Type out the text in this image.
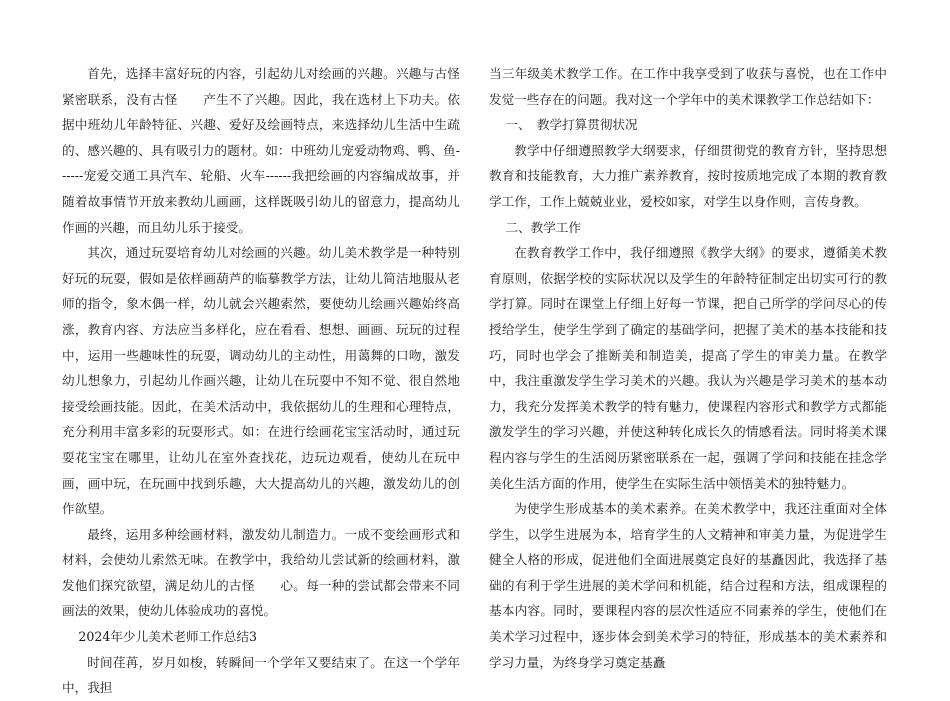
首先，选择丰富好玩的内容，引起幼儿对绘画的兴趣。兴趣与古怪　　紧密联系，没有古怪　　产生不了兴趣。因此，我在选材上下功夫。依据中班幼儿年龄特征、兴趣、爱好及绘画特点，来选择幼儿生活中生疏的、感兴趣的、具有吸引力的题材。如：中班幼儿宠爱动物鸡、鸭、鱼------宠爱交通工具汽车、轮船、火车------我把绘画的内容编成故事，并随着故事情节开放来教幼儿画画，这样既吸引幼儿的留意力，提高幼儿作画的兴趣，而且幼儿乐于接受。

其次，通过玩耍培育幼儿对绘画的兴趣。幼儿美术教学是一种特别　　　好玩的玩耍，假如是依样画葫芦的临摹教学方法，让幼儿简洁地服从老师的指令，象木偶一样，幼儿就会兴趣索然，要使幼儿绘画兴趣始终高涨，教育内容、方法应当多样化，应在看看、想想、画画、玩玩的过程中，运用一些趣味性的玩耍，调动幼儿的主动性，用蔼舞的口吻，激发幼儿想象力，引起幼儿作画兴趣，让幼儿在玩耍中不知不觉、很自然地接受绘画技能。因此，在美术活动中，我依据幼儿的生理和心理特点，充分利用丰富多彩的玩耍形式。如：在进行绘画花宝宝活动时，通过玩耍花宝宝在哪里，让幼儿在室外查找花，边玩边观看，使幼儿在玩中画，画中玩，在玩画中找到乐趣，大大提高幼儿的兴趣，激发幼儿的创作欲望。

最终，运用多种绘画材料，激发幼儿制造力。一成不变绘画形式和材料，会使幼儿索然无味。在教学中，我给幼儿尝试新的绘画材料，激发他们探究欲望，满足幼儿的古怪　　心。每一种的尝试都会带来不同画法的效果，使幼儿体验成功的喜悦。

2024年少儿美术老师工作总结3

时间荏苒，岁月如梭，转瞬间一个学年又要结束了。在这一个学年中，我担

当三年级美术教学工作。在工作中我享受到了收获与喜悦，也在工作中发觉一些存在的问题。我对这一个学年中的美术课教学工作总结如下：

一、　教学打算贯彻状况

教学中仔细遵照教学大纲要求，仔细贯彻党的教育方针，坚持思想教育和技能教育，大力推广素养教育，按时按质地完成了本期的教育教学工作，工作上兢兢业业，爱校如家，对学生以身作则，言传身教。

二、教学工作

在教育教学工作中，我仔细遵照《教学大纲》的要求，遵循美术教育原则，依据学校的实际状况以及学生的年龄特征制定出切实可行的教学打算。同时在课堂上仔细上好每一节课，把自己所学的学问尽心的传授给学生，使学生学到了确定的基础学问，把握了美术的基本技能和技巧，同时也学会了推断美和制造美，提高了学生的审美力量。在教学中，我注重激发学生学习美术的兴趣。我认为兴趣是学习美术的基本动力，我充分发挥美术教学的特有魅力，使课程内容形式和教学方式都能激发学生的学习兴趣，并使这种转化成长久的情感看法。同时将美术课程内容与学生的生活阅历紧密联系在一起，强调了学问和技能在挂念学美化生活方面的作用，使学生在实际生活中领悟美术的独特魅力。

为使学生形成基本的美术素养。在美术教学中，我还注重面对全体学生，以学生进展为本，培育学生的人文精神和审美力量，为促进学生健全人格的形成，促进他们全面进展奠定良好的基矗因此，我选择了基础的有利于学生进展的美术学问和机能，结合过程和方法，组成课程的基本内容。同时，要课程内容的层次性适应不同素养的学生，使他们在美术学习过程中，逐步体会到美术学习的特征，形成基本的美术素养和学习力量，为终身学习奠定基矗
